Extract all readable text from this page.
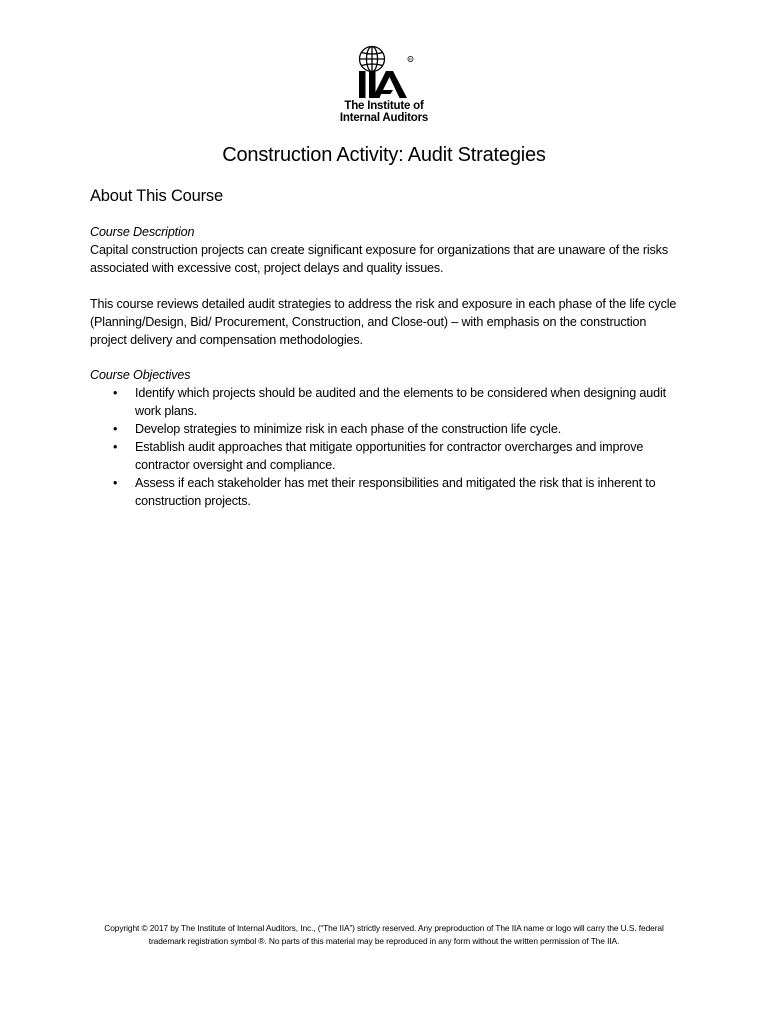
R
The Institute of
Internal Auditors
Construction Activity: Audit Strategies
About This Course
Course Description

Capital construction projects can create significant exposure for organizations that are unaware of the risks associated with excessive cost, project delays and quality issues.

This course reviews detailed audit strategies to address the risk and exposure in each phase of the life cycle (Planning/Design, Bid/ Procurement, Construction, and Close-out) – with emphasis on the construction project delivery and compensation methodologies.

Course Objectives
• Identify which projects should be audited and the elements to be considered when designing audit work plans.
• Develop strategies to minimize risk in each phase of the construction life cycle.
• Establish audit approaches that mitigate opportunities for contractor overcharges and improve contractor oversight and compliance.
• Assess if each stakeholder has met their responsibilities and mitigated the risk that is inherent to construction projects.
Copyright © 2017 by The Institute of Internal Auditors, Inc., (“The IIA”) strictly reserved. Any preproduction of The IIA name or logo will carry the U.S. federal trademark registration symbol ®. No parts of this material may be reproduced in any form without the written permission of The IIA.
